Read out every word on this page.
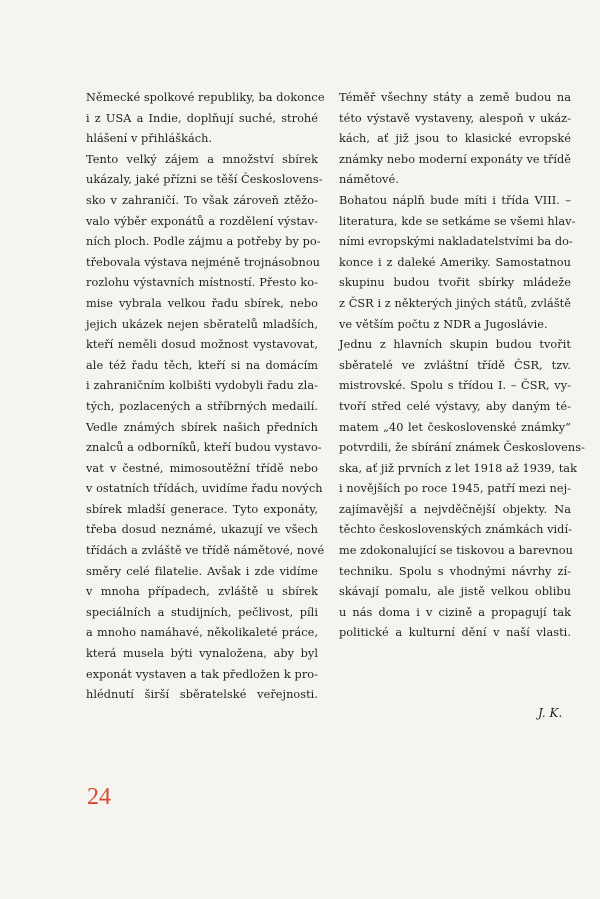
Německé spolkové republiky, ba dokonce
i z USA a Indie, doplňují suché, strohé
hlášení v přihláškách.
Tento velký zájem a množství sbírek
ukázaly, jaké přízni se těší Českoslovens-
sko v zahraničí. To však zároveň ztěžo-
valo výběr exponátů a rozdělení výstav-
ních ploch. Podle zájmu a potřeby by po-
třebovala výstava nejméně trojnásobnou
rozlohu výstavních místností. Přesto ko-
mise vybrala velkou řadu sbírek, nebo
jejich ukázek nejen sběratelů mladších,
kteří neměli dosud možnost vystavovat,
ale též řadu těch, kteří si na domácím
i zahraničním kolbišti vydobyli řadu zla-
tých, pozlacených a stříbrných medailí.
Vedle známých sbírek našich předních
znalců a odborníků, kteří budou vystavo-
vat v čestné, mimosoutěžní třídě nebo
v ostatních třídách, uvidíme řadu nových
sbírek mladší generace. Tyto exponáty,
třeba dosud neznámé, ukazují ve všech
třídách a zvláště ve třídě námětové, nové
směry celé filatelie. Avšak i zde vidíme
v mnoha případech, zvláště u sbírek
speciálních a studijních, pečlivost, píli
a mnoho namáhavé, několikaleté práce,
která musela býti vynaložena, aby byl
exponát vystaven a tak předložen k pro-
hlédnutí širší sběratelské veřejnosti.
Téměř všechny státy a země budou na
této výstavě vystaveny, alespoň v ukáz-
kách, ať již jsou to klasické evropské
známky nebo moderní exponáty ve třídě
námětové.
Bohatou náplň bude míti i třída VIII. –
literatura, kde se setkáme se všemi hlav-
ními evropskými nakladatelstvími ba do-
konce i z daleké Ameriky. Samostatnou
skupinu budou tvořit sbírky mládeže
z ČSR i z některých jiných států, zvláště
ve větším počtu z NDR a Jugoslávie.
Jednu z hlavních skupin budou tvořit
sběratelé ve zvláštní třídě ČSR, tzv.
mistrovské. Spolu s třídou I. – ČSR, vy-
tvoří střed celé výstavy, aby daným té-
matem „40 let československé známky“
potvrdili, že sbírání známek Českoslovens-
ska, ať již prvních z let 1918 až 1939, tak
i novějších po roce 1945, patří mezi nej-
zajímavější a nejvděčnější objekty. Na
těchto československých známkách vidí-
me zdokonalující se tiskovou a barevnou
techniku. Spolu s vhodnými návrhy zí-
skávají pomalu, ale jistě velkou oblibu
u nás doma i v cizině a propagují tak
politické a kulturní dění v naší vlasti.
J. K.
24
